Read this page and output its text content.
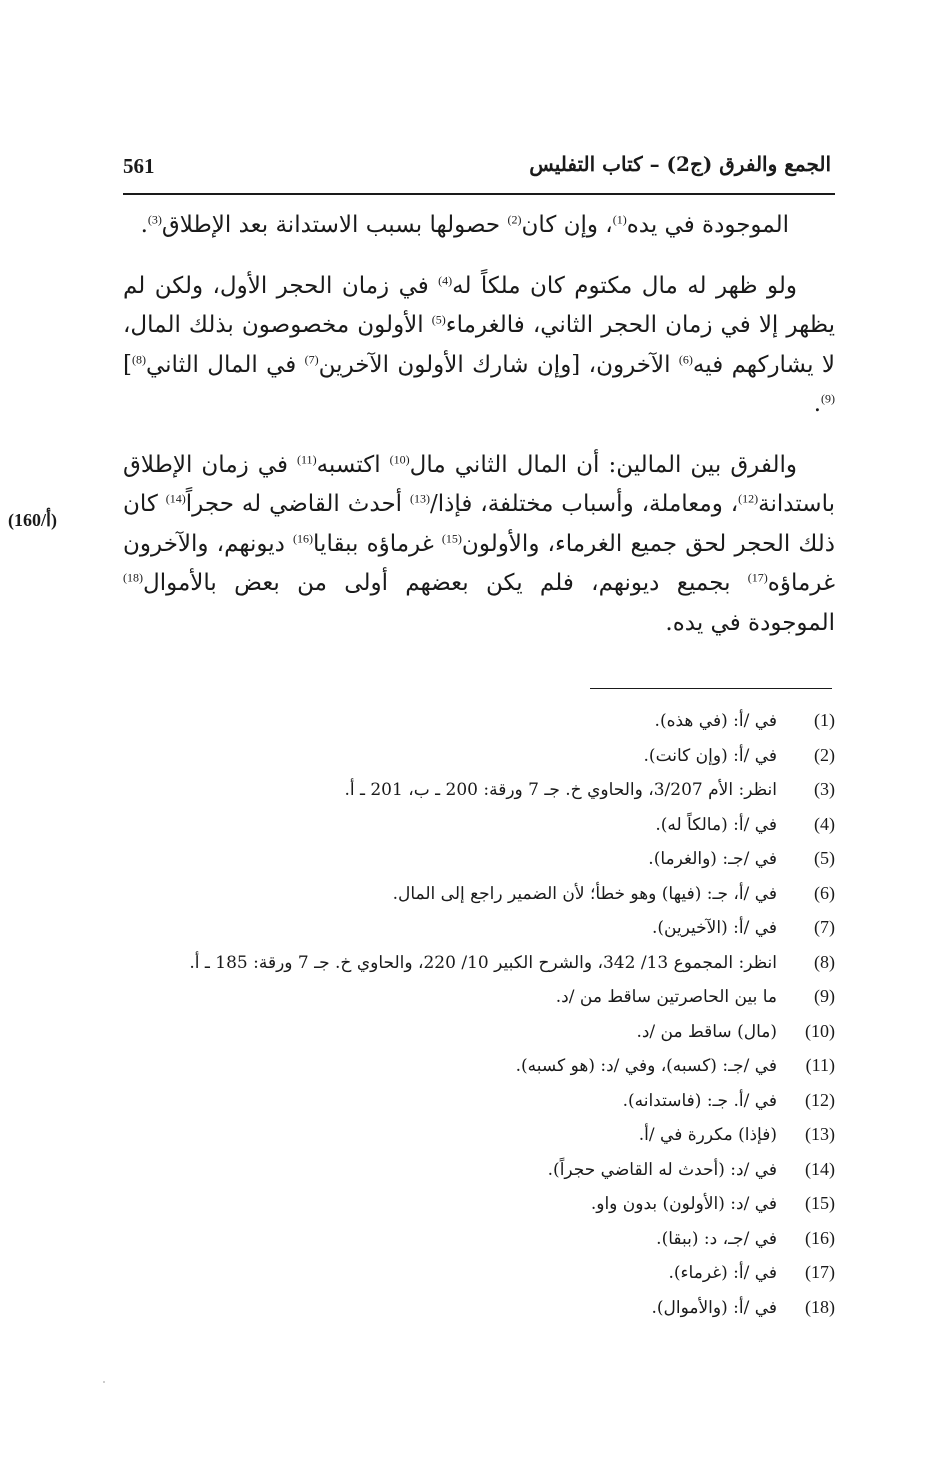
561	الجمع والفرق (ج2) – كتاب التفليس

الموجودة في يده$^{(1)}$، وإن كان$^{(2)}$ حصولها بسبب الاستدانة بعد الإطلاق$^{(3)}$.

ولو ظهر له مال مكتوم كان ملكاً له$^{(4)}$ في زمان الحجر الأول، ولكن لم يظهر إلا في زمان الحجر الثاني، فالغرماء$^{(5)}$ الأولون مخصوصون بذلك المال، لا يشاركهم فيه$^{(6)}$ الآخرون، [وإن شارك الأولون الآخرين$^{(7)}$ في المال الثاني$^{(8)}$]$^{(9)}$.

والفرق بين المالين: أن المال الثاني مال$^{(10)}$ اكتسبه$^{(11)}$ في زمان الإطلاق باستدانة$^{(12)}$، ومعاملة، وأسباب مختلفة، فإذا/$^{(13)}$ أحدث القاضي له حجراً$^{(14)}$ كان ذلك الحجر لحق جميع الغرماء، والأولون$^{(15)}$ غرماؤه ببقايا$^{(16)}$ ديونهم، والآخرون غرماؤه$^{(17)}$ بجميع ديونهم، فلم يكن بعضهم أولى من بعض بالأموال$^{(18)}$ الموجودة في يده.

(160/أ)
(1)في /أ: (في هذه).
(2)في /أ: (وإن كانت).
(3)انظر: الأم 3/207، والحاوي خ. جـ 7 ورقة: 200 ـ ب، 201 ـ أ.
(4)في /أ: (مالكاً له).
(5)في /جـ: (والغرما).
(6)في /أ، جـ: (فيها) وهو خطأ؛ لأن الضمير راجع إلى المال.
(7)في /أ: (الآخيرين).
(8)انظر: المجموع 13/ 342، والشرح الكبير 10/ 220، والحاوي خ. جـ 7 ورقة: 185 ـ أ.
(9)ما بين الحاصرتين ساقط من /د.
(10)(مال) ساقط من /د.
(11)في /جـ: (كسبه)، وفي /د: (هو كسبه).
(12)في /أ. جـ: (فاستدانه).
(13)(فإذا) مكررة في /أ.
(14)في /د: (أحدث له القاضي حجراً).
(15)في /د: (الأولون) بدون واو.
(16)في /جـ، د: (ببقا).
(17)في /أ: (غرماء).
(18)في /أ: (والأموال).
